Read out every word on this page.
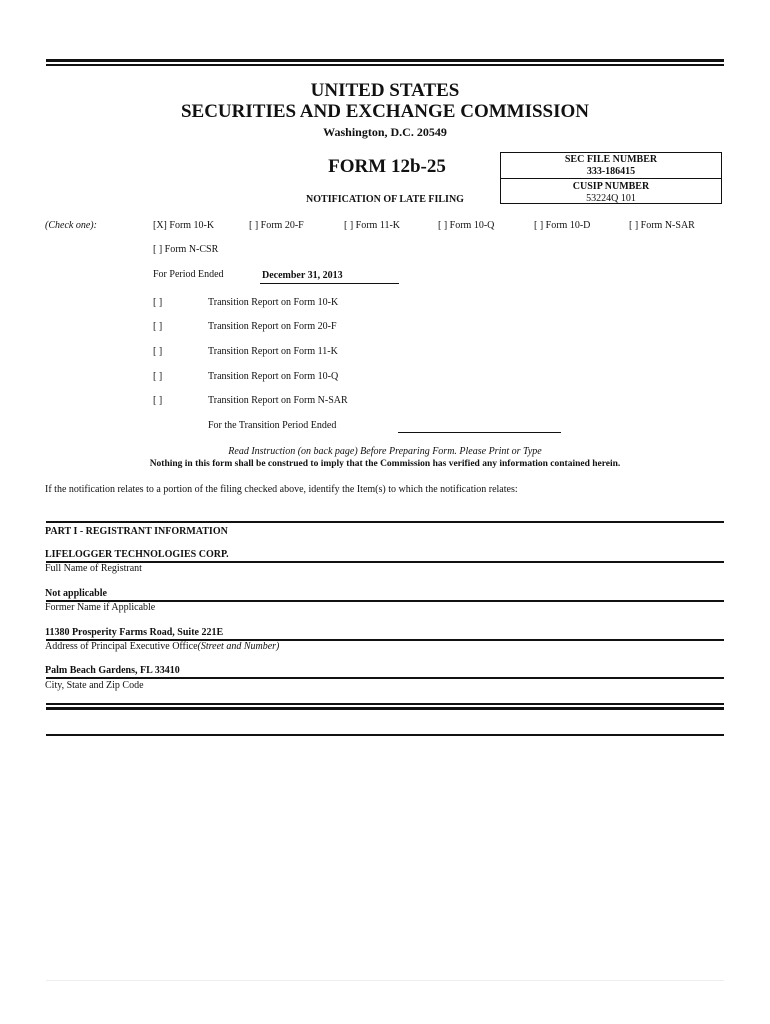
UNITED STATES
SECURITIES AND EXCHANGE COMMISSION
Washington, D.C. 20549
FORM 12b-25
NOTIFICATION OF LATE FILING
SEC FILE NUMBER
333-186415
CUSIP NUMBER
53224Q 101
(Check one):	[X] Form 10-K	[ ] Form 20-F	[ ] Form 11-K	[ ] Form 10-Q	[ ] Form 10-D	[ ] Form N-SAR
[ ] Form N-CSR
For Period Ended	December 31, 2013
[ ]	Transition Report on Form 10-K
[ ]	Transition Report on Form 20-F
[ ]	Transition Report on Form 11-K
[ ]	Transition Report on Form 10-Q
[ ]	Transition Report on Form N-SAR
For the Transition Period Ended
Read Instruction (on back page) Before Preparing Form. Please Print or Type
Nothing in this form shall be construed to imply that the Commission has verified any information contained herein.
If the notification relates to a portion of the filing checked above, identify the Item(s) to which the notification relates:
PART I - REGISTRANT INFORMATION
LIFELOGGER TECHNOLOGIES CORP.
Full Name of Registrant
Not applicable
Former Name if Applicable
11380 Prosperity Farms Road, Suite 221E
Address of Principal Executive Office(Street and Number)
Palm Beach Gardens, FL 33410
City, State and Zip Code
